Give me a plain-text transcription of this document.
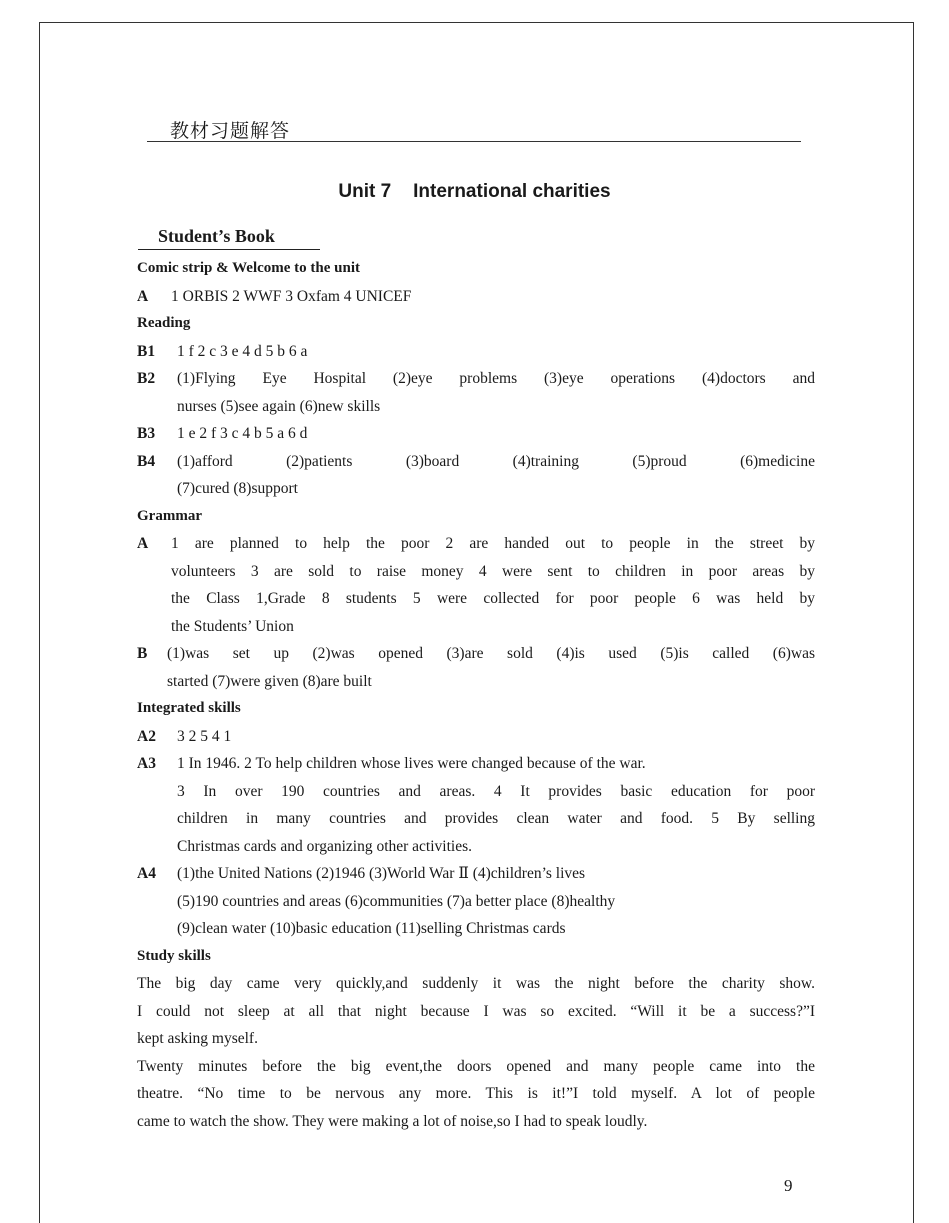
教材习题解答
Unit 7 International charities
Student’s Book
Comic strip & Welcome to the unit
A	1 ORBIS 2 WWF 3 Oxfam 4 UNICEF
Reading
B1	1 f 2 c 3 e 4 d 5 b 6 a
B2	(1)Flying Eye Hospital (2)eye problems (3)eye operations (4)doctors and
nurses (5)see again (6)new skills
B3	1 e 2 f 3 c 4 b 5 a 6 d
B4	(1)afford (2)patients (3)board (4)training (5)proud (6)medicine
(7)cured (8)support
Grammar
A	1 are planned to help the poor 2 are handed out to people in the street by
volunteers 3 are sold to raise money 4 were sent to children in poor areas by
the Class 1,Grade 8 students 5 were collected for poor people 6 was held by
the Students’ Union
B	(1)was set up (2)was opened (3)are sold (4)is used (5)is called (6)was
started (7)were given (8)are built
Integrated skills
A2	3 2 5 4 1
A3	1 In 1946. 2 To help children whose lives were changed because of the war.
3 In over 190 countries and areas. 4 It provides basic education for poor
children in many countries and provides clean water and food. 5 By selling
Christmas cards and organizing other activities.
A4	(1)the United Nations (2)1946 (3)World War Ⅱ (4)children’s lives
(5)190 countries and areas (6)communities (7)a better place (8)healthy
(9)clean water (10)basic education (11)selling Christmas cards
Study skills
The big day came very quickly,and suddenly it was the night before the charity show.
I could not sleep at all that night because I was so excited. “Will it be a success?”I
kept asking myself.
Twenty minutes before the big event,the doors opened and many people came into the
theatre. “No time to be nervous any more. This is it!”I told myself. A lot of people
came to watch the show. They were making a lot of noise,so I had to speak loudly.
9
